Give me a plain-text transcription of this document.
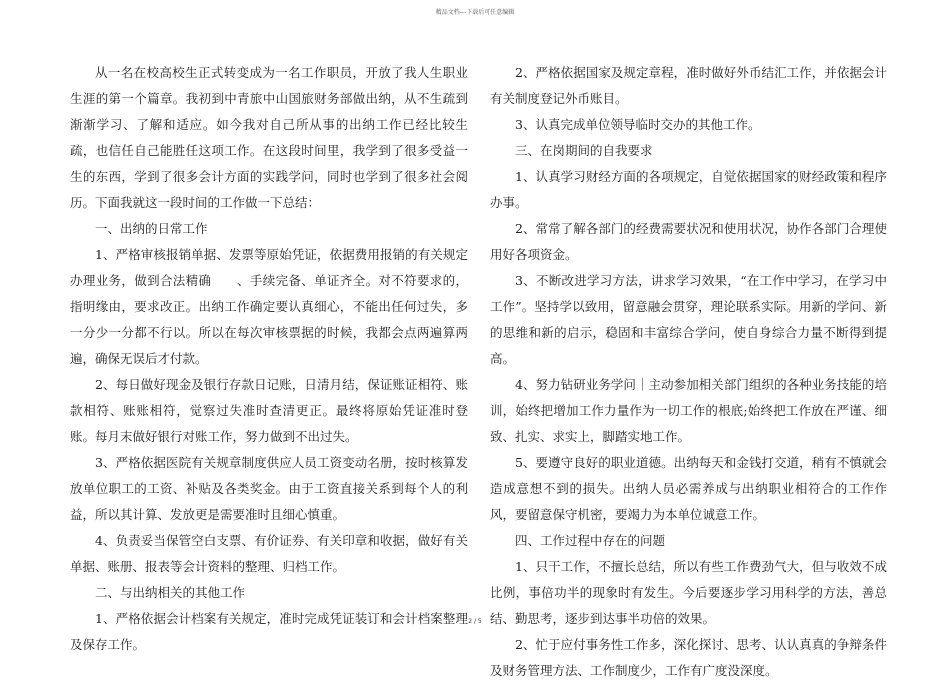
精品文档---下载后可任意编辑

从一名在校高校生正式转变成为一名工作职员，开放了我人生职业生涯的第一个篇章。我初到中青旅中山国旅财务部做出纳，从不生疏到渐渐学习、了解和适应。如今我对自己所从事的出纳工作已经比较生疏，也信任自己能胜任这项工作。在这段时间里，我学到了很多受益一生的东西，学到了很多会计方面的实践学问，同时也学到了很多社会阅历。下面我就这一段时间的工作做一下总结：

一、出纳的日常工作

1、严格审核报销单据、发票等原始凭证，依据费用报销的有关规定办理业务，做到合法精确　　、手续完备、单证齐全。对不符要求的，指明缘由，要求改正。出纳工作确定要认真细心，不能出任何过失，多一分少一分都不行以。所以在每次审核票据的时候，我都会点两遍算两遍，确保无误后才付款。

2、每日做好现金及银行存款日记账，日清月结，保证账证相符、账款相符、账账相符，觉察过失准时查清更正。最终将原始凭证准时登账。每月末做好银行对账工作，努力做到不出过失。

3、严格依据医院有关规章制度供应人员工资变动名册，按时核算发放单位职工的工资、补贴及各类奖金。由于工资直接关系到每个人的利益，所以其计算、发放更是需要准时且细心慎重。

4、负责妥当保管空白支票、有价证券、有关印章和收据，做好有关单据、账册、报表等会计资料的整理、归档工作。

二、与出纳相关的其他工作

1、严格依据会计档案有关规定，准时完成凭证装订和会计档案整理及保存工作。

2、严格依据国家及规定章程，准时做好外币结汇工作，并依据会计有关制度登记外币账目。

3、认真完成单位领导临时交办的其他工作。

三、在岗期间的自我要求

1、认真学习财经方面的各项规定，自觉依据国家的财经政策和程序办事。

2、常常了解各部门的经费需要状况和使用状况，协作各部门合理使用好各项资金。

3、不断改进学习方法，讲求学习效果，“在工作中学习，在学习中工作”。坚持学以致用，留意融会贯穿，理论联系实际。用新的学问、新的思维和新的启示，稳固和丰富综合学问，使自身综合力量不断得到提高。

4、努力钻研业务学问｜主动参加相关部门组织的各种业务技能的培训，始终把增加工作力量作为一切工作的根底;始终把工作放在严谨、细致、扎实、求实上，脚踏实地工作。

5、要遵守良好的职业道德。出纳每天和金钱打交道，稍有不慎就会造成意想不到的损失。出纳人员必需养成与出纳职业相符合的工作作风，要留意保守机密，要竭力为本单位诚意工作。

四、工作过程中存在的问题

1、只干工作，不擅长总结，所以有些工作费劲气大，但与收效不成比例，事倍功半的现象时有发生。今后要逐步学习用科学的方法，善总结、勤思考，逐步到达事半功倍的效果。

2、忙于应付事务性工作多，深化探讨、思考、认认真真的争辩条件及财务管理方法、工作制度少，工作有广度没深度。

2 / 5
